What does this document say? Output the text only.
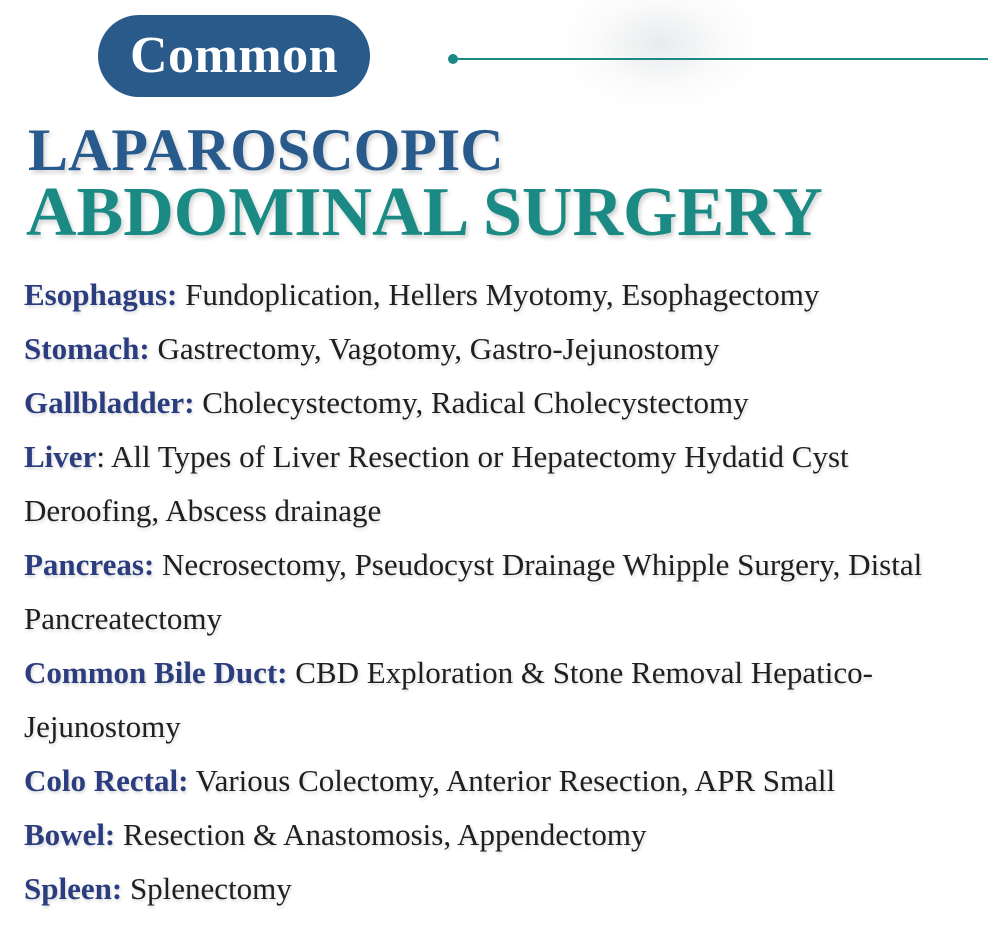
Common
LAPAROSCOPIC
ABDOMINAL SURGERY
Esophagus: Fundoplication, Hellers Myotomy, Esophagectomy
Stomach: Gastrectomy, Vagotomy, Gastro-Jejunostomy
Gallbladder: Cholecystectomy, Radical Cholecystectomy
Liver: All Types of Liver Resection or Hepatectomy Hydatid Cyst Deroofing, Abscess drainage
Pancreas: Necrosectomy, Pseudocyst Drainage Whipple Surgery, Distal Pancreatectomy
Common Bile Duct: CBD Exploration & Stone Removal Hepatico-Jejunostomy
Colo Rectal: Various Colectomy, Anterior Resection, APR Small
Bowel: Resection & Anastomosis, Appendectomy
Spleen: Splenectomy
